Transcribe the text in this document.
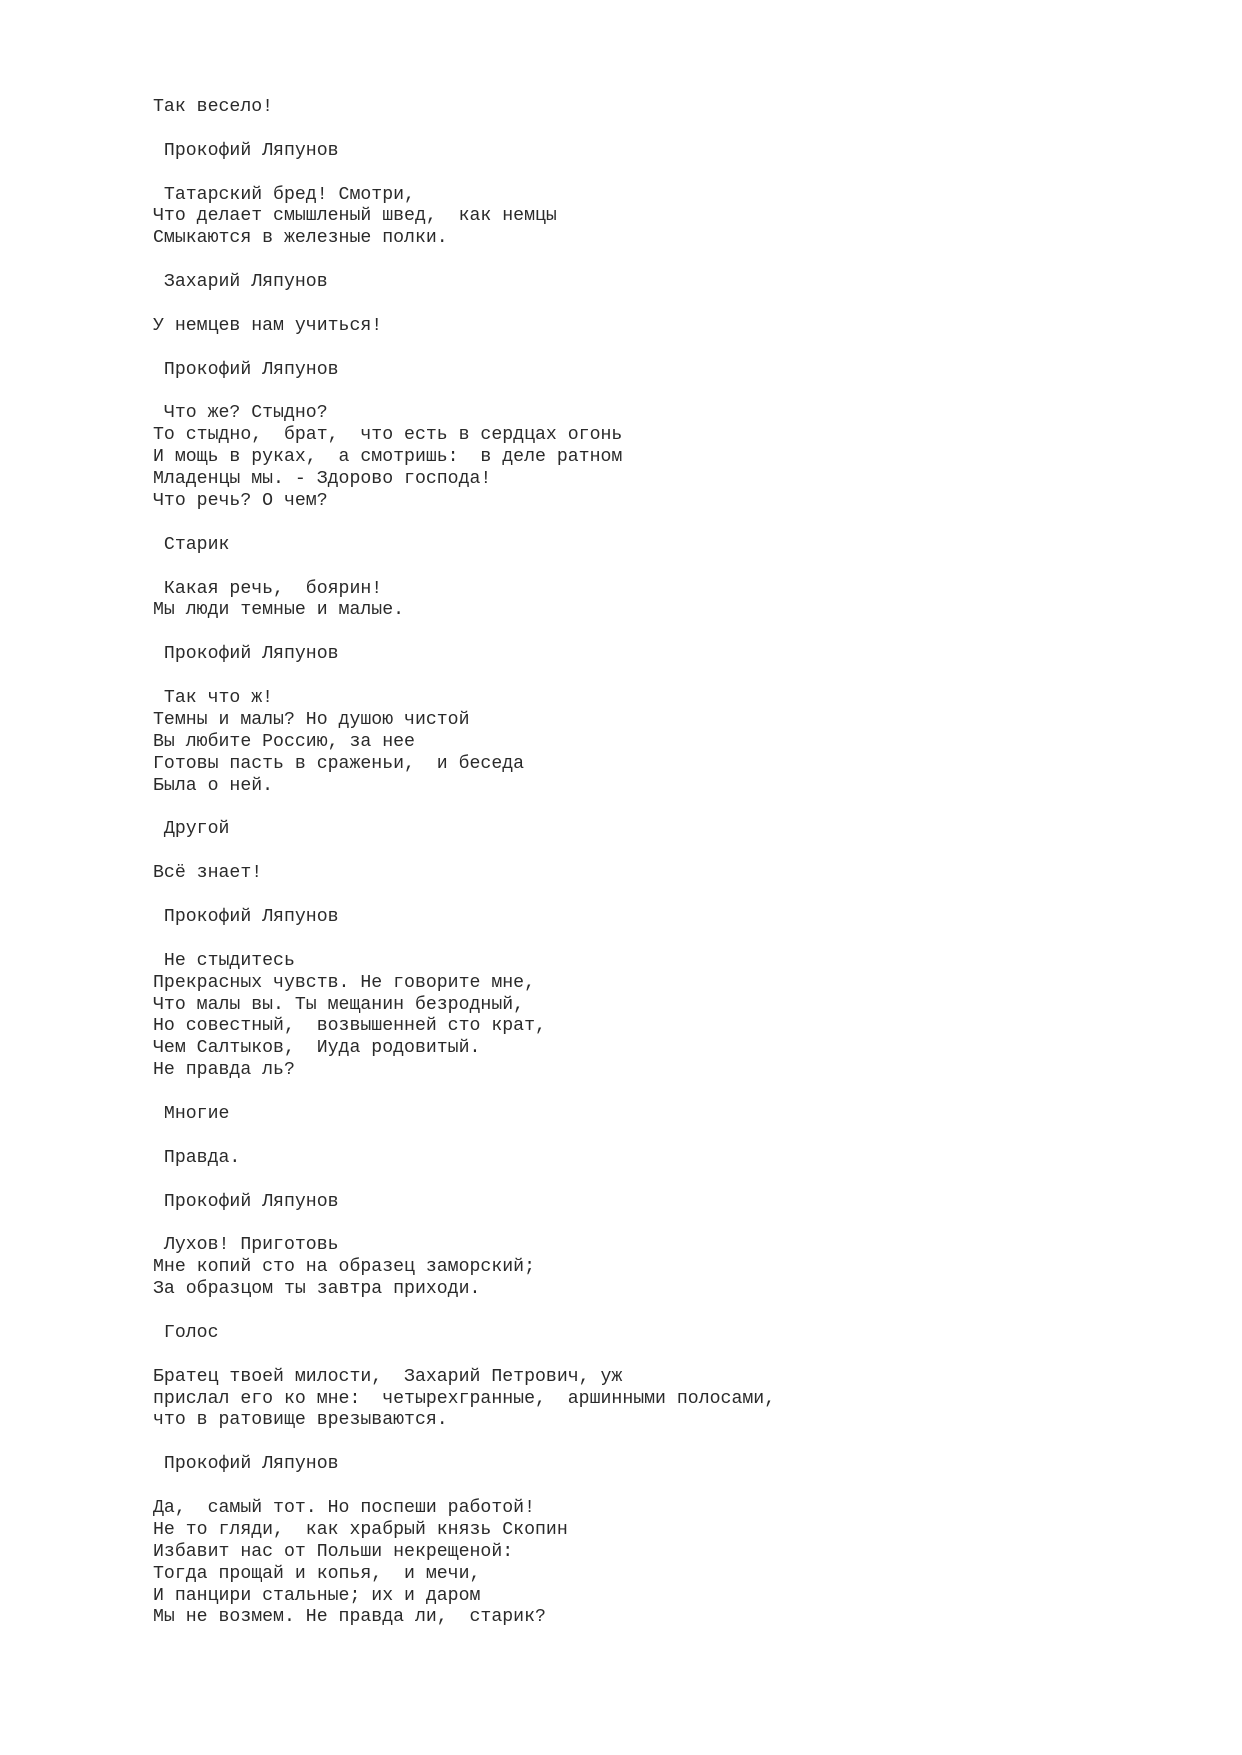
Так весело!
Прокофий Ляпунов
Татарский бред! Смотри,
Что делает смышленый швед,  как немцы
Смыкаются в железные полки.
Захарий Ляпунов
У немцев нам учиться!
Прокофий Ляпунов
Что же? Стыдно?
То стыдно,  брат,  что есть в сердцах огонь
И мощь в руках,  а смотришь:  в деле ратном
Младенцы мы. - Здорово господа!
Что речь? О чем?
Старик
Какая речь,  боярин!
Мы люди темные и малые.
Прокофий Ляпунов
Так что ж!
Темны и малы? Но душою чистой
Вы любите Россию, за нее
Готовы пасть в сраженьи,  и беседа
Была о ней.
Другой
Всё знает!
Прокофий Ляпунов
Не стыдитесь
Прекрасных чувств. Не говорите мне,
Что малы вы. Ты мещанин безродный,
Но совестный,  возвышенней сто крат,
Чем Салтыков,  Иуда родовитый.
Не правда ль?
Многие
Правда.
Прокофий Ляпунов
Лухов! Приготовь
Мне копий сто на образец заморский;
За образцом ты завтра приходи.
Голос
Братец твоей милости,  Захарий Петрович, уж
прислал его ко мне:  четырехгранные,  аршинными полосами,
что в ратовище врезываются.
Прокофий Ляпунов
Да,  самый тот. Но поспеши работой!
Не то гляди,  как храбрый князь Скопин
Избавит нас от Польши некрещеной:
Тогда прощай и копья,  и мечи,
И панцири стальные; их и даром
Мы не возмем. Не правда ли,  старик?
